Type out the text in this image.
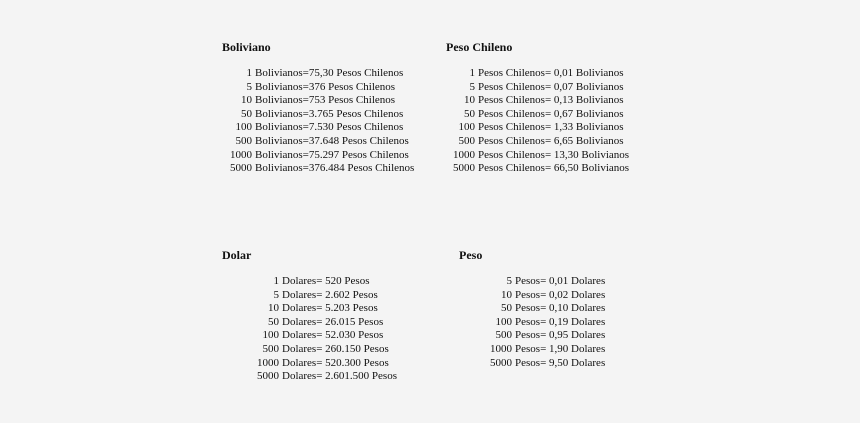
Boliviano
1 Bolivianos =75,30 Pesos Chilenos
5 Bolivianos =376 Pesos Chilenos
10 Bolivianos =753 Pesos Chilenos
50 Bolivianos =3.765 Pesos Chilenos
100 Bolivianos =7.530 Pesos Chilenos
500 Bolivianos =37.648 Pesos Chilenos
1000 Bolivianos =75.297 Pesos Chilenos
5000 Bolivianos =376.484 Pesos Chilenos
Peso Chileno
1 Pesos Chilenos = 0,01 Bolivianos
5 Pesos Chilenos = 0,07 Bolivianos
10 Pesos Chilenos = 0,13 Bolivianos
50 Pesos Chilenos = 0,67 Bolivianos
100 Pesos Chilenos = 1,33 Bolivianos
500 Pesos Chilenos = 6,65 Bolivianos
1000 Pesos Chilenos = 13,30 Bolivianos
5000 Pesos Chilenos = 66,50 Bolivianos
Dolar
1 Dolares = 520 Pesos
5 Dolares = 2.602 Pesos
10 Dolares = 5.203 Pesos
50 Dolares = 26.015 Pesos
100 Dolares = 52.030 Pesos
500 Dolares = 260.150 Pesos
1000 Dolares = 520.300 Pesos
5000 Dolares = 2.601.500 Pesos
Peso
5 Pesos = 0,01 Dolares
10 Pesos = 0,02 Dolares
50 Pesos = 0,10 Dolares
100 Pesos = 0,19 Dolares
500 Pesos = 0,95 Dolares
1000 Pesos = 1,90 Dolares
5000 Pesos = 9,50 Dolares
